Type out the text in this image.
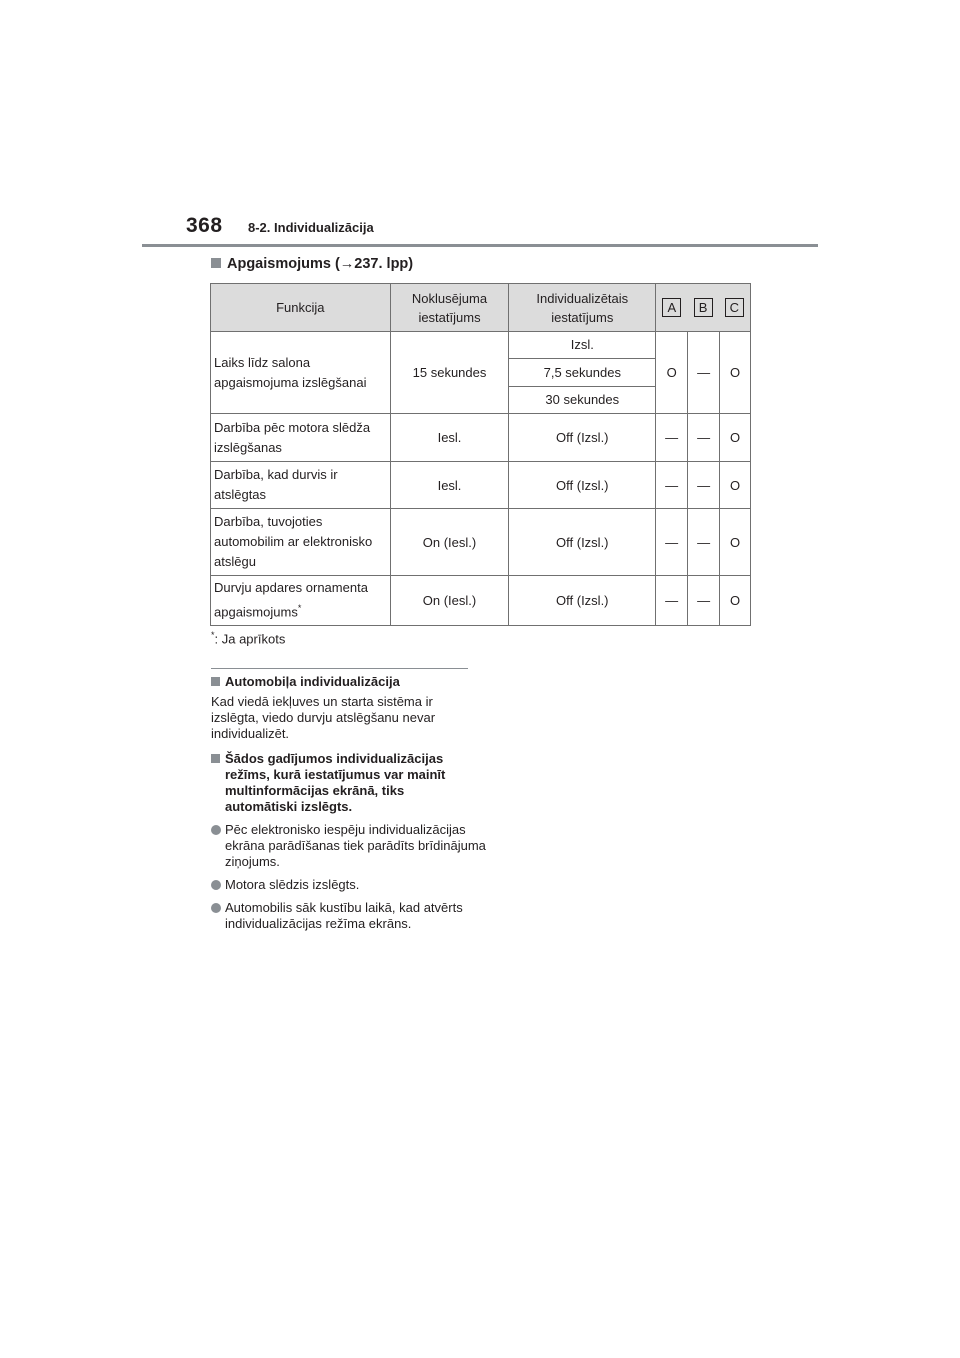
368 8-2. Individualizācija
Apgaismojums (→237. lpp)
Funkcija	Noklusējuma iestatījums	Individualizētais iestatījums	A B C		

Laiks līdz salona apgaismojuma izslēgšanai	15 sekundes	Izsl.	O	—	O
		7,5 sekundes			
		30 sekundes			
Darbība pēc motora slēdža izslēgšanas	Iesl.	Off (Izsl.)	—	—	O
Darbība, kad durvis ir atslēgtas	Iesl.	Off (Izsl.)	—	—	O
Darbība, tuvojoties automobilim ar elektronisko atslēgu	On (Iesl.)	Off (Izsl.)	—	—	O
Durvju apdares ornamenta apgaismojums*	On (Iesl.)	Off (Izsl.)	—	—	O
*: Ja aprīkots
Automobiļa individualizācija
Kad viedā iekļuves un starta sistēma ir izslēgta, viedo durvju atslēgšanu nevar individualizēt.
Šādos gadījumos individualizācijas režīms, kurā iestatījumus var mainīt multinformācijas ekrānā, tiks automātiski izslēgts.
Pēc elektronisko iespēju individualizācijas ekrāna parādīšanas tiek parādīts brīdinājuma ziņojums.
Motora slēdzis izslēgts.
Automobilis sāk kustību laikā, kad atvērts individualizācijas režīma ekrāns.
